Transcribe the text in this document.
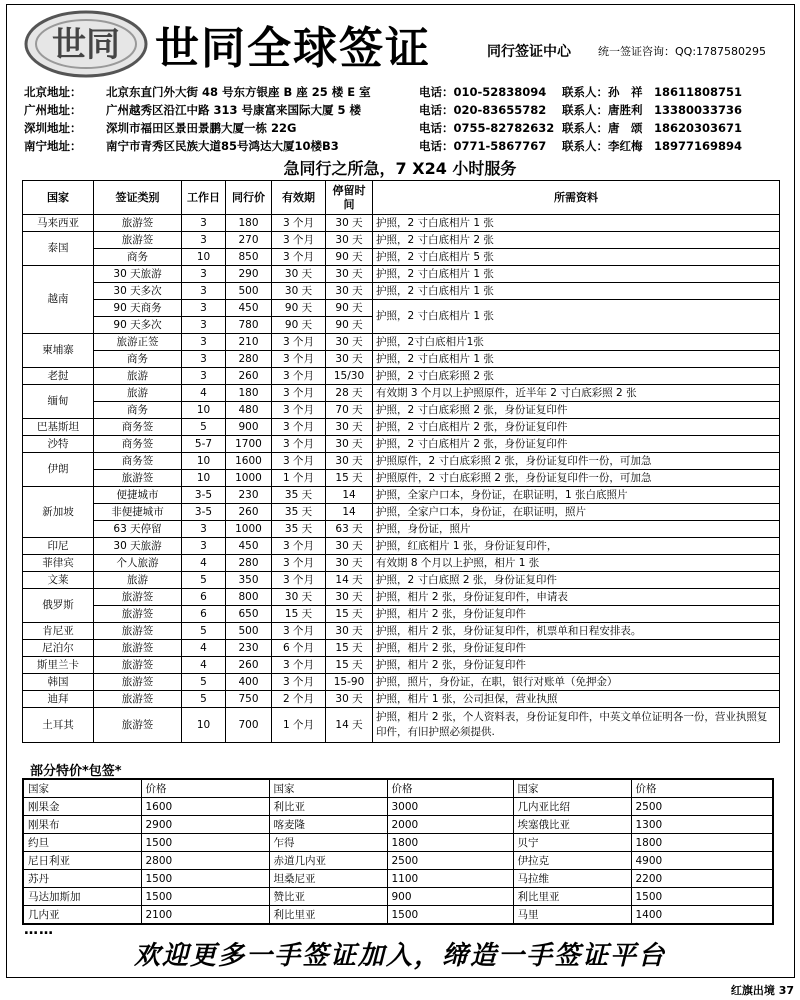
世同 世同全球签证	同行签证中心 统一签证咨询：QQ:1787580295
北京地址： 北京东直门外大街 48 号东方银座 B 座 25 楼 E 室	电话：010-52838094 联系人：孙　祥　18611808751
广州地址： 广州越秀区沿江中路 313 号康富来国际大厦 5 楼	电话：020-83655782 联系人：唐胜利　13380033736
深圳地址： 深圳市福田区景田景鹏大厦一栋 22G	电话：0755-82782632 联系人：唐　颂　18620303671
南宁地址： 南宁市青秀区民族大道85号鸿达大厦10楼B3	电话：0771-5867767 联系人：李红梅　18977169894
急同行之所急，7 X24 小时服务
国家	签证类别	工作日	同行价	有效期	停留时间	所需资料
马来西亚	旅游签	3	180	3 个月	30 天	护照，2 寸白底相片 1 张
泰国	旅游签	3	270	3 个月	30 天	护照，2 寸白底相片 2 张
	商务	10	850	3 个月	90 天	护照，2 寸白底相片 5 张
越南	30 天旅游	3	290	30 天	30 天	护照，2 寸白底相片 1 张
	30 天多次	3	500	30 天	30 天	护照，2 寸白底相片 1 张
	90 天商务	3	450	90 天	90 天	护照，2 寸白底相片 1 张
	90 天多次	3	780	90 天	90 天	
柬埔寨	旅游正签	3	210	3 个月	30 天	护照，2寸白底相片1张
	商务	3	280	3 个月	30 天	护照，2 寸白底相片 1 张
老挝	旅游	3	260	3 个月	15/30	护照，2 寸白底彩照 2 张
缅甸	旅游	4	180	3 个月	28 天	有效期 3 个月以上护照原件，近半年 2 寸白底彩照 2 张
	商务	10	480	3 个月	70 天	护照，2 寸白底彩照 2 张，身份证复印件
巴基斯坦	商务签	5	900	3 个月	30 天	护照，2 寸白底相片 2 张，身份证复印件
沙特	商务签	5-7	1700	3 个月	30 天	护照，2 寸白底相片 2 张，身份证复印件
伊朗	商务签	10	1600	3 个月	30 天	护照原件，2 寸白底彩照 2 张，身份证复印件一份，可加急
	旅游签	10	1000	1 个月	15 天	护照原件，2 寸白底彩照 2 张，身份证复印件一份，可加急
新加坡	便捷城市	3-5	230	35 天	14	护照，全家户口本，身份证，在职证明，1 张白底照片
	非便捷城市	3-5	260	35 天	14	护照，全家户口本，身份证，在职证明，照片
	63 天停留	3	1000	35 天	63 天	护照，身份证，照片
印尼	30 天旅游	3	450	3 个月	30 天	护照，红底相片 1 张，身份证复印件，
菲律宾	个人旅游	4	280	3 个月	30 天	有效期 8 个月以上护照，相片 1 张
文莱	旅游	5	350	3 个月	14 天	护照，2 寸白底照 2 张，身份证复印件
俄罗斯	旅游签	6	800	30 天	30 天	护照，相片 2 张，身份证复印件，申请表
	旅游签	6	650	15 天	15 天	护照，相片 2 张，身份证复印件
肯尼亚	旅游签	5	500	3 个月	30 天	护照，相片 2 张，身份证复印件，机票单和日程安排表。
尼泊尔	旅游签	4	230	6 个月	15 天	护照，相片 2 张，身份证复印件
斯里兰卡	旅游签	4	260	3 个月	15 天	护照，相片 2 张，身份证复印件
韩国	旅游签	5	400	3 个月	15-90	护照，照片，身份证，在职，银行对账单（免押金）
迪拜	旅游签	5	750	2 个月	30 天	护照，相片 1 张，公司担保，营业执照
土耳其	旅游签	10	700	1 个月	14 天	护照，相片 2 张，个人资料表，身份证复印件，中英文单位证明各一份，营业执照复印件，有旧护照必须提供.
部分特价*包签*
国家	价格	国家	价格	国家	价格
刚果金	1600	利比亚	3000	几内亚比绍	2500
刚果布	2900	喀麦隆	2000	埃塞俄比亚	1300
约旦	1500	乍得	1800	贝宁	1800
尼日利亚	2800	赤道几内亚	2500	伊拉克	4900
苏丹	1500	坦桑尼亚	1100	马拉维	2200
马达加斯加	1500	赞比亚	900	利比里亚	1500
几内亚	2100	利比里亚	1500	马里	1400
……
欢迎更多一手签证加入，缔造一手签证平台
红旗出境 37
